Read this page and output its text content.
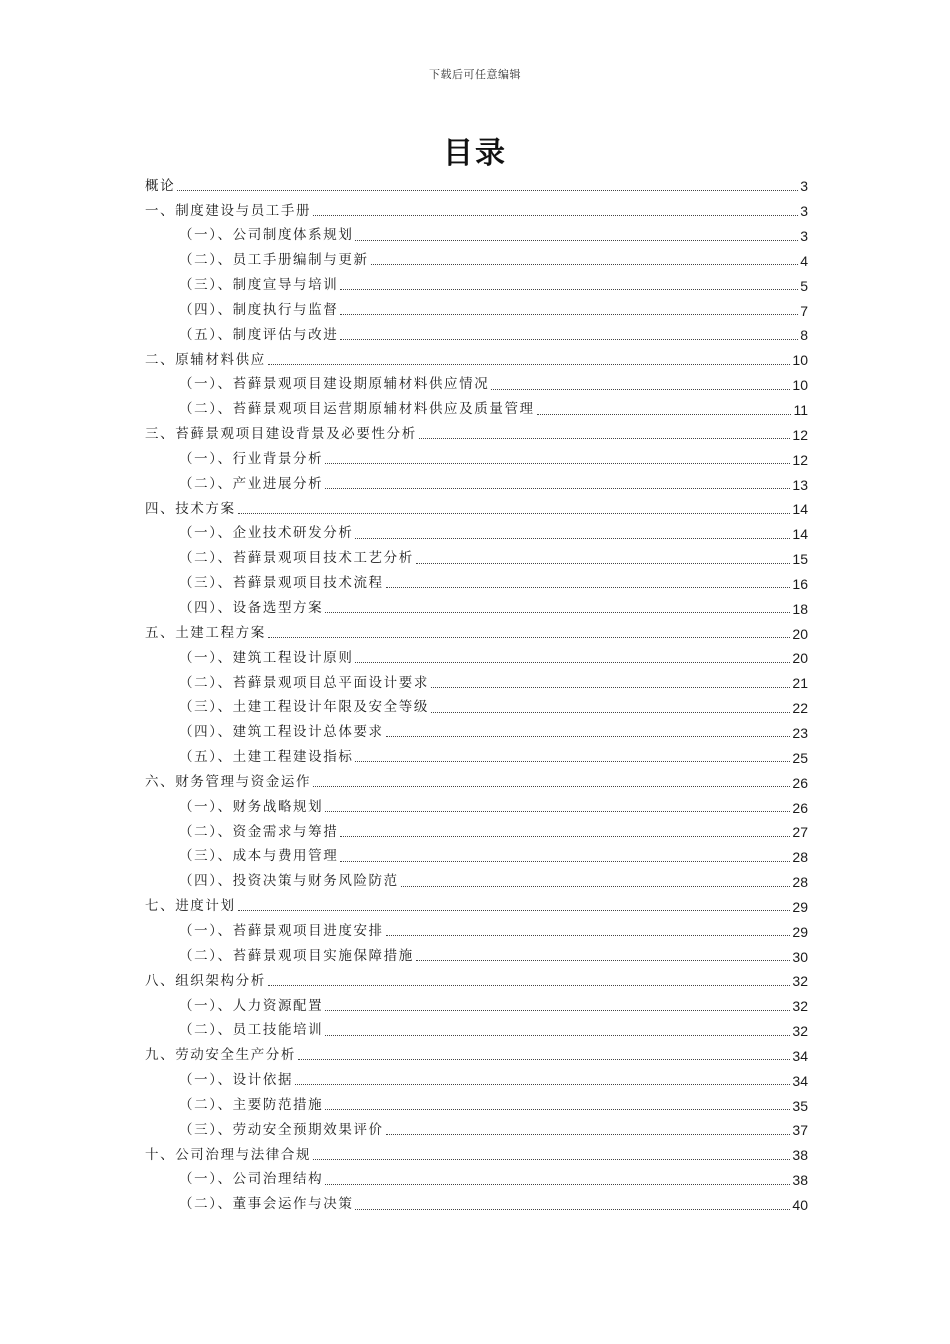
下载后可任意编辑
目录
概论	3
一、制度建设与员工手册	3
（一）、公司制度体系规划	3
（二）、员工手册编制与更新	4
（三）、制度宣导与培训	5
（四）、制度执行与监督	7
（五）、制度评估与改进	8
二、原辅材料供应	10
（一）、苔藓景观项目建设期原辅材料供应情况	10
（二）、苔藓景观项目运营期原辅材料供应及质量管理	11
三、苔藓景观项目建设背景及必要性分析	12
（一）、行业背景分析	12
（二）、产业进展分析	13
四、技术方案	14
（一）、企业技术研发分析	14
（二）、苔藓景观项目技术工艺分析	15
（三）、苔藓景观项目技术流程	16
（四）、设备选型方案	18
五、土建工程方案	20
（一）、建筑工程设计原则	20
（二）、苔藓景观项目总平面设计要求	21
（三）、土建工程设计年限及安全等级	22
（四）、建筑工程设计总体要求	23
（五）、土建工程建设指标	25
六、财务管理与资金运作	26
（一）、财务战略规划	26
（二）、资金需求与筹措	27
（三）、成本与费用管理	28
（四）、投资决策与财务风险防范	28
七、进度计划	29
（一）、苔藓景观项目进度安排	29
（二）、苔藓景观项目实施保障措施	30
八、组织架构分析	32
（一）、人力资源配置	32
（二）、员工技能培训	32
九、劳动安全生产分析	34
（一）、设计依据	34
（二）、主要防范措施	35
（三）、劳动安全预期效果评价	37
十、公司治理与法律合规	38
（一）、公司治理结构	38
（二）、董事会运作与决策	40
